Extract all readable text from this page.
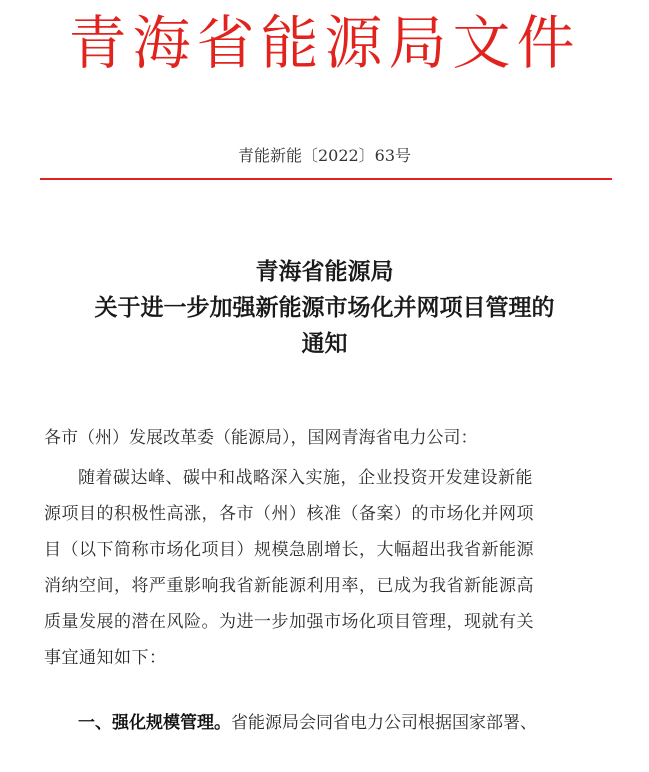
青海省能源局文件
青能新能〔2022〕63号
青海省能源局
关于进一步加强新能源市场化并网项目管理的
通知
各市（州）发展改革委（能源局），国网青海省电力公司：
随着碳达峰、碳中和战略深入实施，企业投资开发建设新能
源项目的积极性高涨，各市（州）核准（备案）的市场化并网项
目（以下简称市场化项目）规模急剧增长，大幅超出我省新能源
消纳空间，将严重影响我省新能源利用率，已成为我省新能源高
质量发展的潜在风险。为进一步加强市场化项目管理，现就有关
事宜通知如下：
一、强化规模管理。省能源局会同省电力公司根据国家部署、
